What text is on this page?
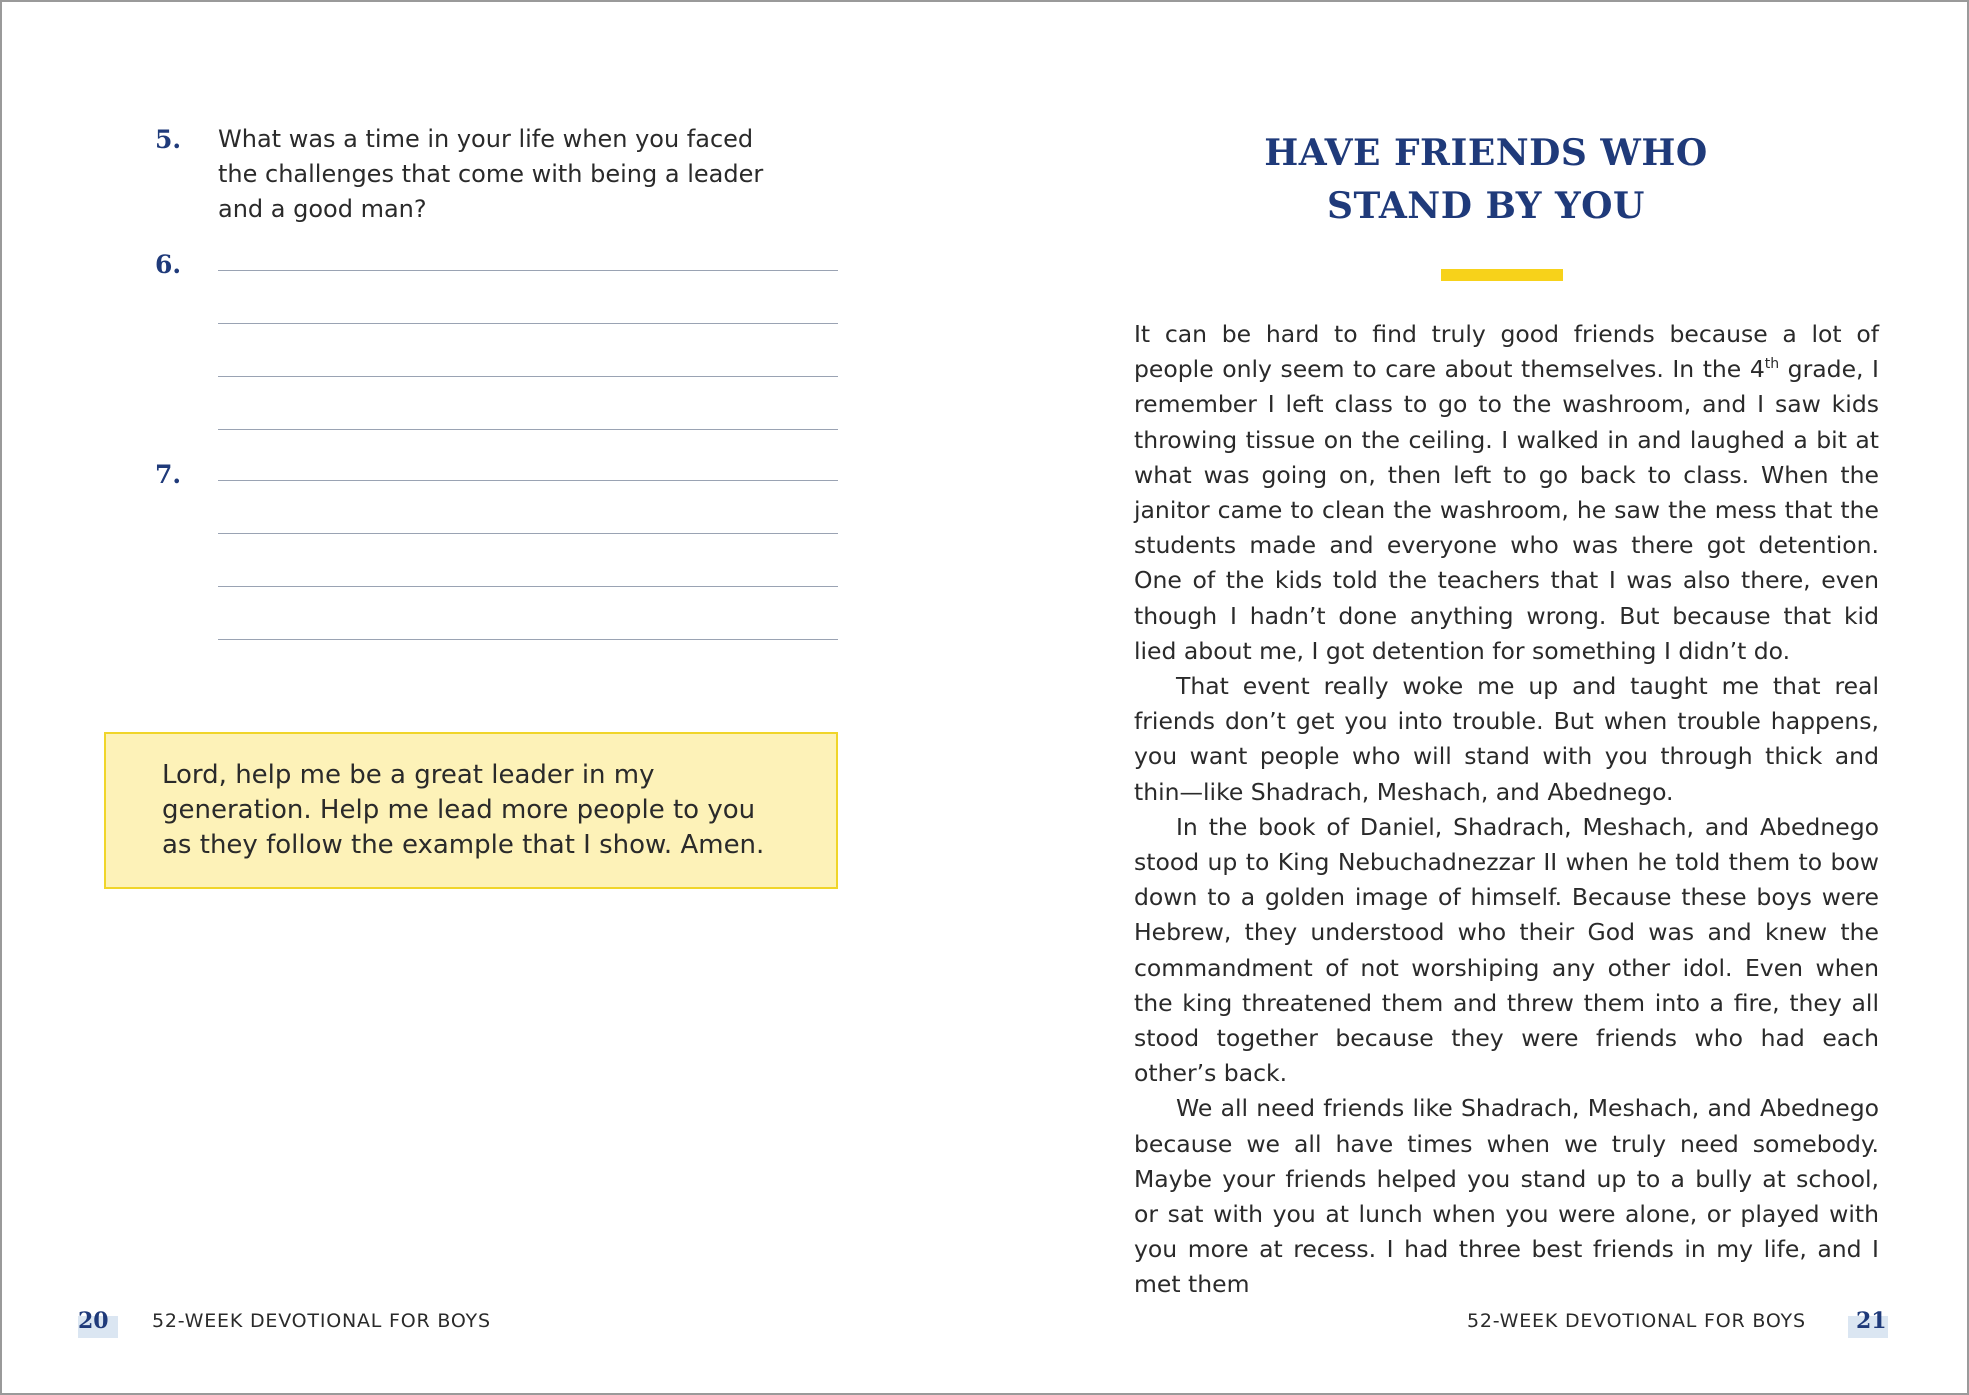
5. What was a time in your life when you faced the challenges that come with being a leader and a good man?
6.
7.
Lord, help me be a great leader in my generation. Help me lead more people to you as they follow the example that I show. Amen.
20 52-WEEK DEVOTIONAL FOR BOYS
HAVE FRIENDS WHO
STAND BY YOU

It can be hard to find truly good friends because a lot of people only seem to care about themselves. In the 4th grade, I remember I left class to go to the washroom, and I saw kids throwing tissue on the ceiling. I walked in and laughed a bit at what was going on, then left to go back to class. When the janitor came to clean the washroom, he saw the mess that the students made and everyone who was there got detention. One of the kids told the teachers that I was also there, even though I hadn’t done anything wrong. But because that kid lied about me, I got detention for something I didn’t do.

That event really woke me up and taught me that real friends don’t get you into trouble. But when trouble happens, you want people who will stand with you through thick and thin—like Shadrach, Meshach, and Abednego.

In the book of Daniel, Shadrach, Meshach, and Abednego stood up to King Nebuchadnezzar II when he told them to bow down to a golden image of himself. Because these boys were Hebrew, they understood who their God was and knew the commandment of not worshiping any other idol. Even when the king threatened them and threw them into a fire, they all stood together because they were friends who had each other’s back.

We all need friends like Shadrach, Meshach, and Abednego because we all have times when we truly need somebody. Maybe your friends helped you stand up to a bully at school, or sat with you at lunch when you were alone, or played with you more at recess. I had three best friends in my life, and I met them

52-WEEK DEVOTIONAL FOR BOYS 21
